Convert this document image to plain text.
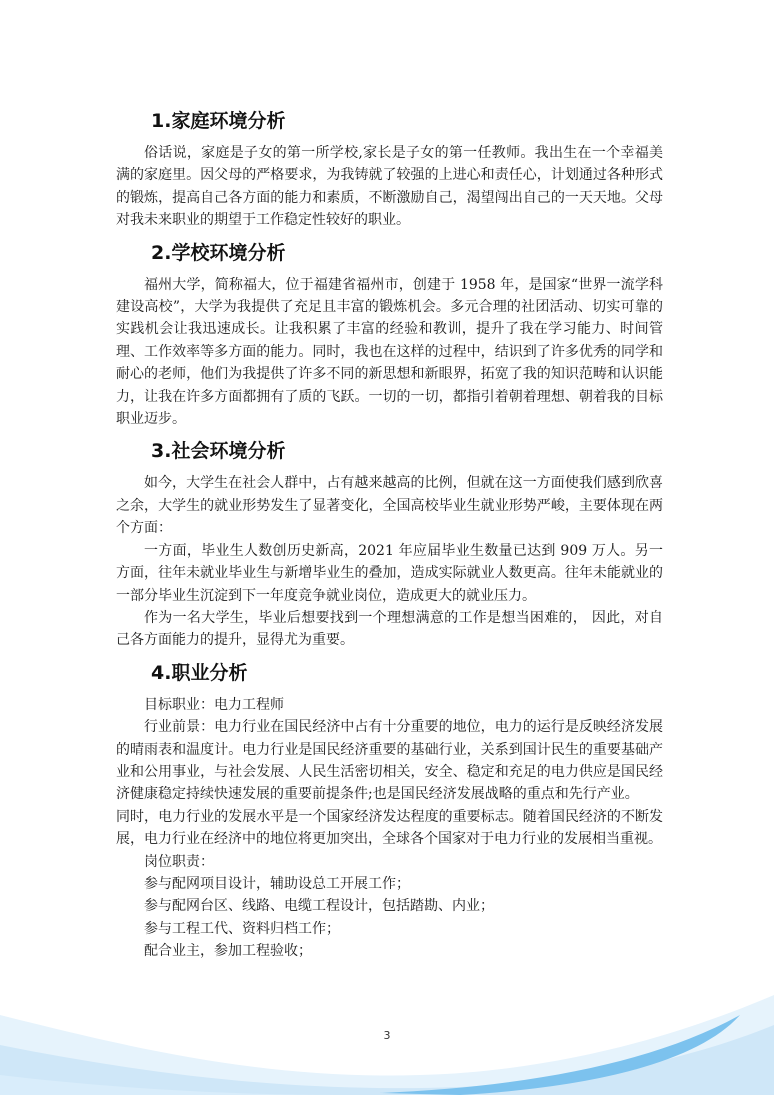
1.家庭环境分析

俗话说，家庭是子女的第一所学校,家长是子女的第一任教师。我出生在一个幸福美满的家庭里。因父母的严格要求，为我铸就了较强的上进心和责任心，计划通过各种形式的锻炼，提高自己各方面的能力和素质，不断激励自己，渴望闯出自己的一天天地。父母对我未来职业的期望于工作稳定性较好的职业。

2.学校环境分析

福州大学，简称福大，位于福建省福州市，创建于 1958 年，是国家“世界一流学科建设高校”，大学为我提供了充足且丰富的锻炼机会。多元合理的社团活动、切实可靠的实践机会让我迅速成长。让我积累了丰富的经验和教训，提升了我在学习能力、时间管理、工作效率等多方面的能力。同时，我也在这样的过程中，结识到了许多优秀的同学和耐心的老师，他们为我提供了许多不同的新思想和新眼界，拓宽了我的知识范畴和认识能力，让我在许多方面都拥有了质的飞跃。一切的一切，都指引着朝着理想、朝着我的目标职业迈步。

3.社会环境分析

如今，大学生在社会人群中，占有越来越高的比例，但就在这一方面使我们感到欣喜之余，大学生的就业形势发生了显著变化，全国高校毕业生就业形势严峻，主要体现在两个方面：

一方面，毕业生人数创历史新高，2021 年应届毕业生数量已达到 909 万人。另一方面，往年未就业毕业生与新增毕业生的叠加，造成实际就业人数更高。往年未能就业的一部分毕业生沉淀到下一年度竞争就业岗位，造成更大的就业压力。

作为一名大学生，毕业后想要找到一个理想满意的工作是想当困难的， 因此，对自己各方面能力的提升，显得尤为重要。

4.职业分析

目标职业：电力工程师

行业前景：电力行业在国民经济中占有十分重要的地位，电力的运行是反映经济发展的晴雨表和温度计。电力行业是国民经济重要的基础行业，关系到国计民生的重要基础产业和公用事业，与社会发展、人民生活密切相关，安全、稳定和充足的电力供应是国民经济健康稳定持续快速发展的重要前提条件;也是国民经济发展战略的重点和先行产业。

同时，电力行业的发展水平是一个国家经济发达程度的重要标志。随着国民经济的不断发展，电力行业在经济中的地位将更加突出，全球各个国家对于电力行业的发展相当重视。

岗位职责：

参与配网项目设计，辅助设总工开展工作；

参与配网台区、线路、电缆工程设计，包括踏勘、内业；

参与工程工代、资料归档工作；

配合业主，参加工程验收；

3
